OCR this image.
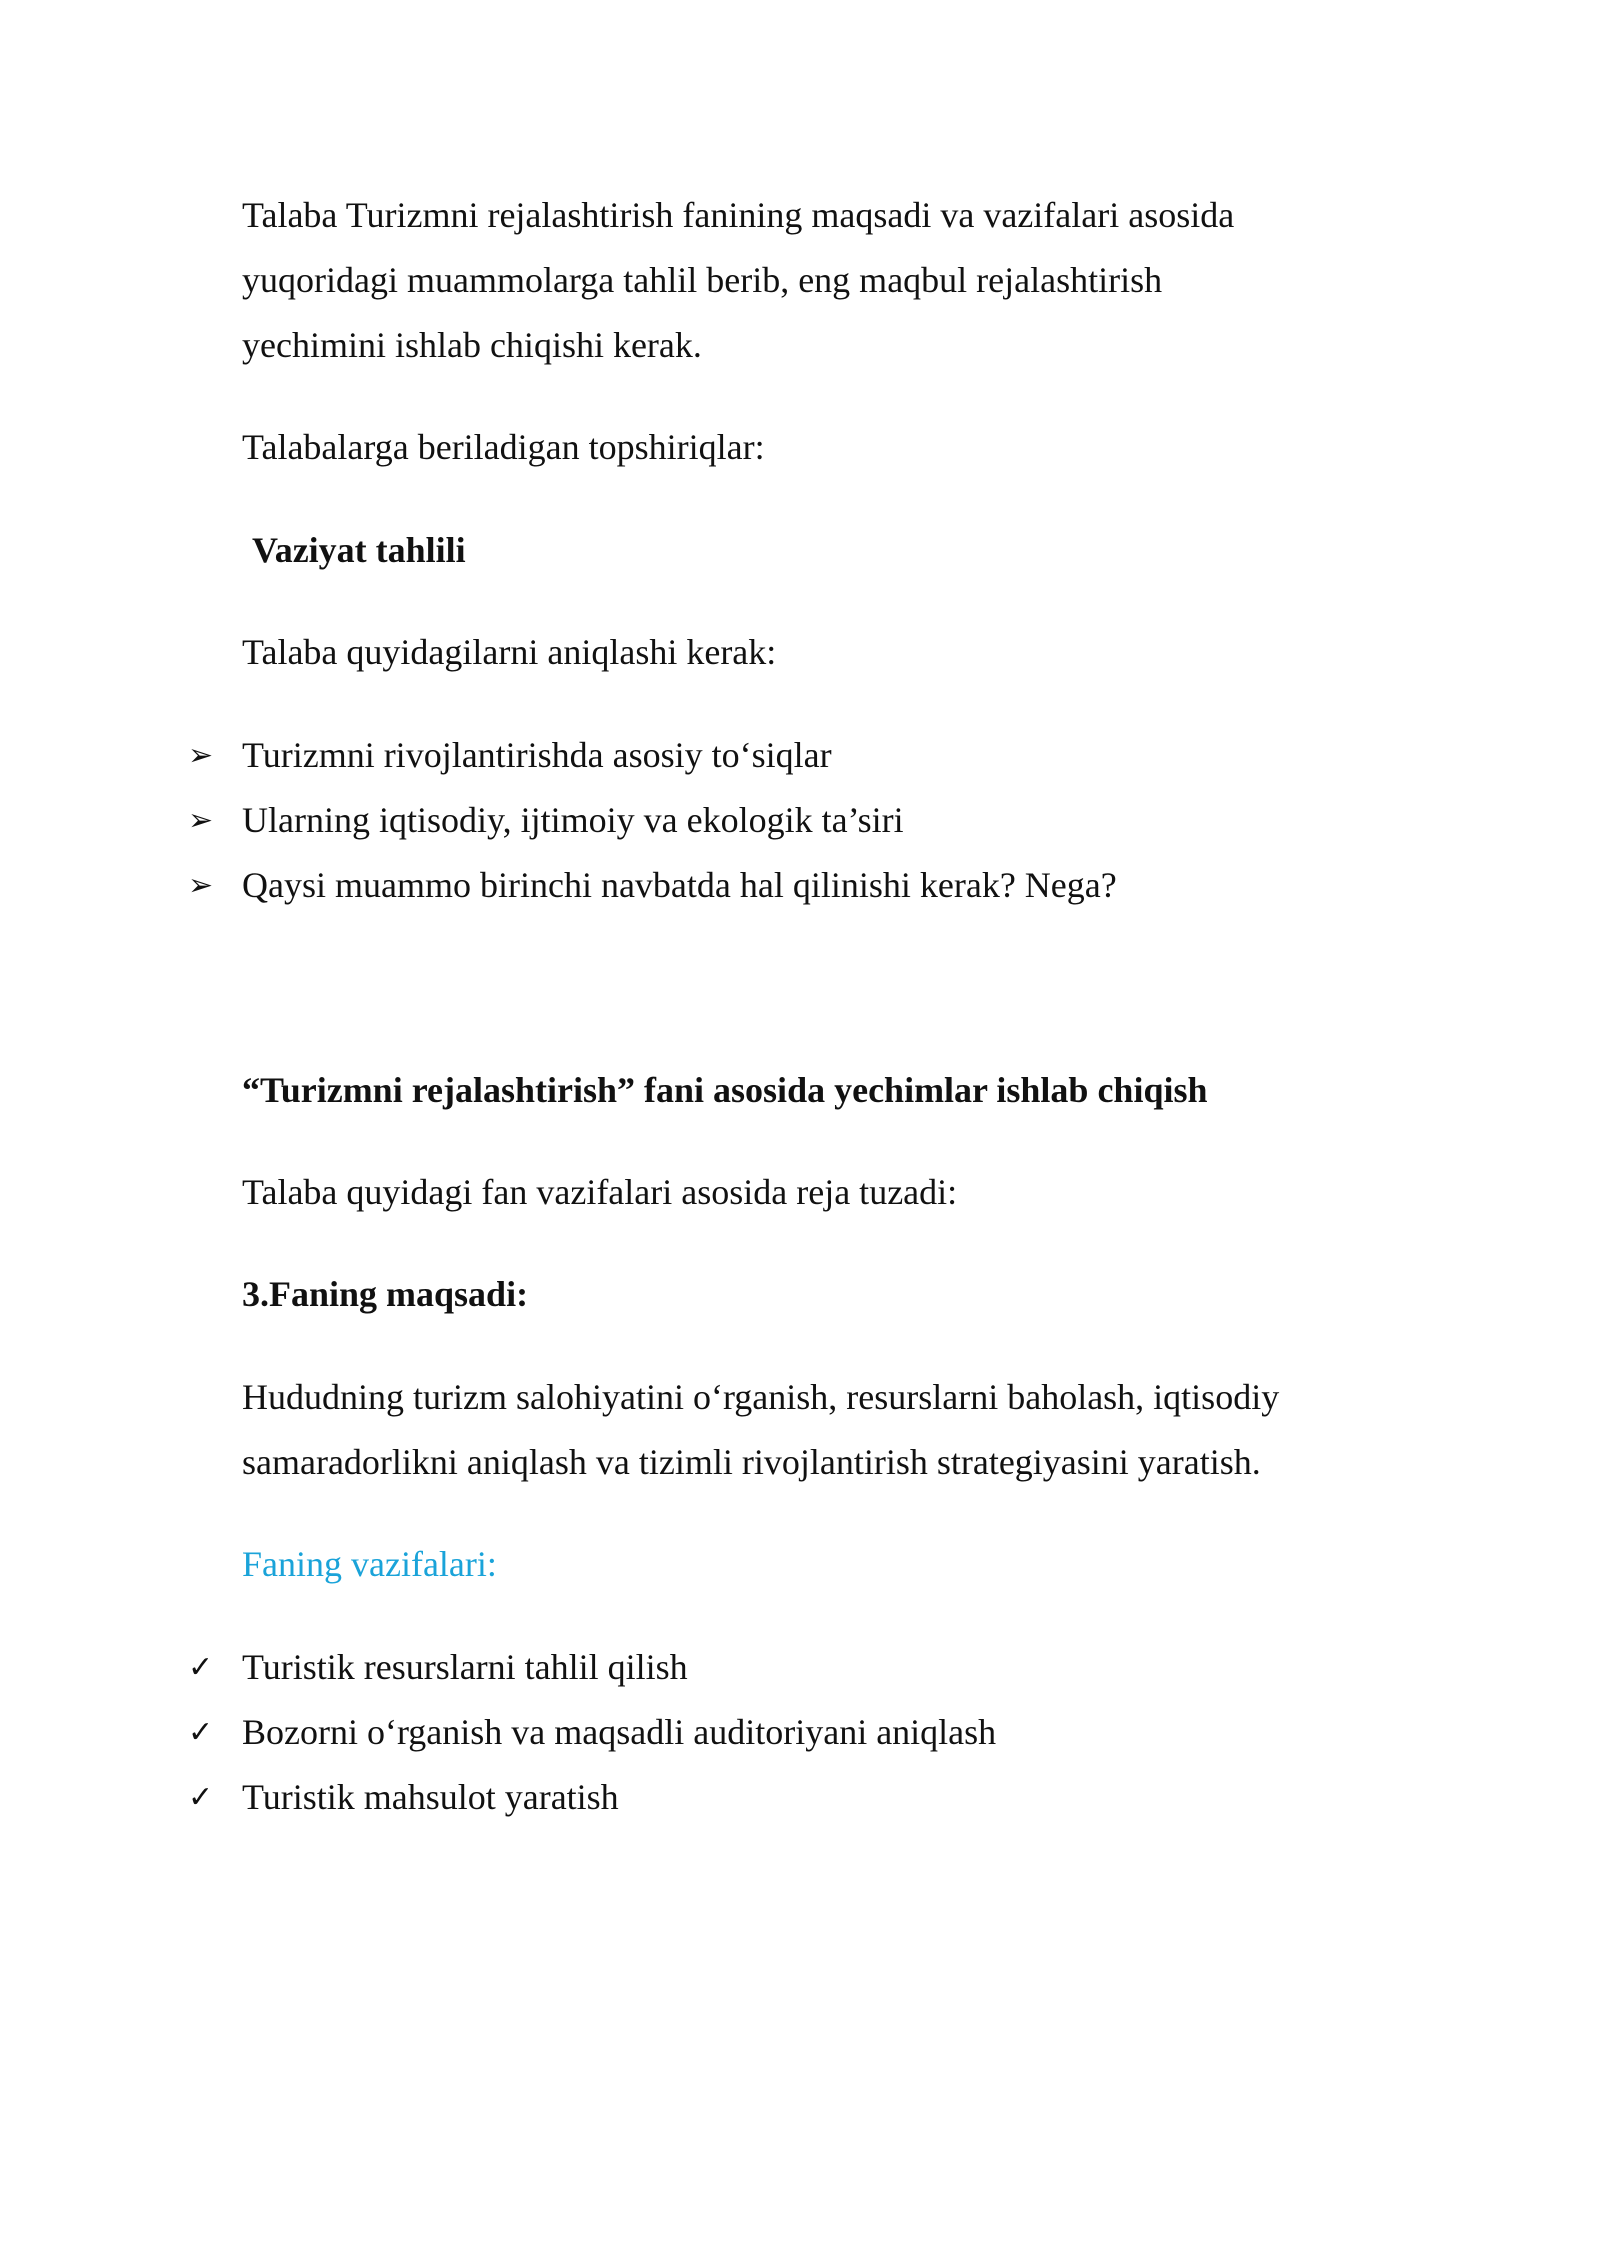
Talaba Turizmni rejalashtirish fanining maqsadi va vazifalari asosida
yuqoridagi muammolarga tahlil berib, eng maqbul rejalashtirish
yechimini ishlab chiqishi kerak.
Talabalarga beriladigan topshiriqlar:
Vaziyat tahlili
Talaba quyidagilarni aniqlashi kerak:
➢ Turizmni rivojlantirishda asosiy to‘siqlar
➢ Ularning iqtisodiy, ijtimoiy va ekologik ta’siri
➢ Qaysi muammo birinchi navbatda hal qilinishi kerak? Nega?
“Turizmni rejalashtirish” fani asosida yechimlar ishlab chiqish
Talaba quyidagi fan vazifalari asosida reja tuzadi:
3.Faning maqsadi:
Hududning turizm salohiyatini o‘rganish, resurslarni baholash, iqtisodiy
samaradorlikni aniqlash va tizimli rivojlantirish strategiyasini yaratish.
Faning vazifalari:
✓ Turistik resurslarni tahlil qilish
✓ Bozorni o‘rganish va maqsadli auditoriyani aniqlash
✓ Turistik mahsulot yaratish
